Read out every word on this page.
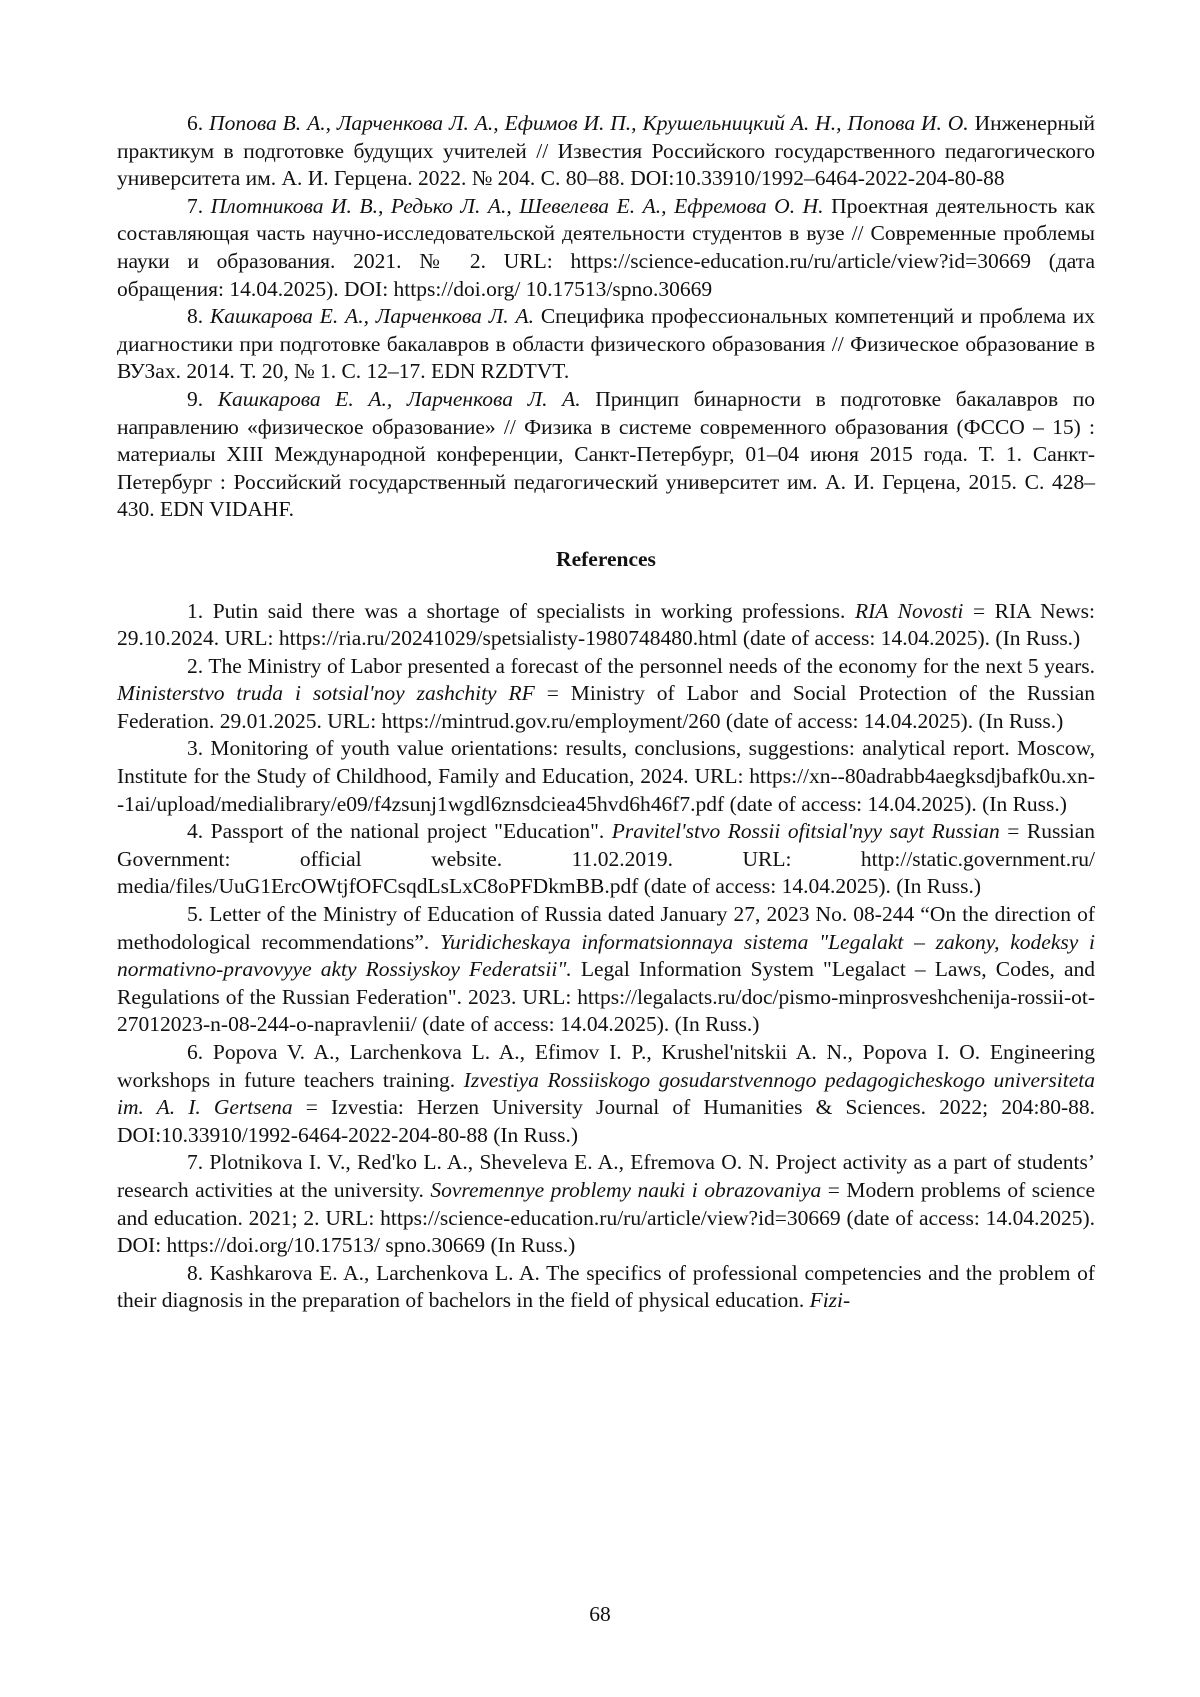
6. Попова В. А., Ларченкова Л. А., Ефимов И. П., Крушельницкий А. Н., Попова И. О. Инженерный практикум в подготовке будущих учителей // Известия Российского государственного педагогического университета им. А. И. Герцена. 2022. № 204. С. 80–88. DOI:10.33910/1992–6464-2022-204-80-88

7. Плотникова И. В., Редько Л. А., Шевелева Е. А., Ефремова О. Н. Проектная деятельность как составляющая часть научно-исследовательской деятельности студентов в вузе // Современные проблемы науки и образования. 2021. № 2. URL: https://science-education.ru/ru/article/view?id=30669 (дата обращения: 14.04.2025). DOI: https://doi.org/ 10.17513/spno.30669

8. Кашкарова Е. А., Ларченкова Л. А. Специфика профессиональных компетенций и проблема их диагностики при подготовке бакалавров в области физического образования // Физическое образование в ВУЗах. 2014. Т. 20, № 1. С. 12–17. EDN RZDTVT.

9. Кашкарова Е. А., Ларченкова Л. А. Принцип бинарности в подготовке бакалавров по направлению «физическое образование» // Физика в системе современного образования (ФССО – 15) : материалы XIII Международной конференции, Санкт-Петербург, 01–04 июня 2015 года. Т. 1. Санкт-Петербург : Российский государственный педагогический университет им. А. И. Герцена, 2015. С. 428–430. EDN VIDAHF.

References

1. Putin said there was a shortage of specialists in working professions. RIA Novosti = RIA News: 29.10.2024. URL: https://ria.ru/20241029/spetsialisty-1980748480.html (date of access: 14.04.2025). (In Russ.)

2. The Ministry of Labor presented a forecast of the personnel needs of the economy for the next 5 years. Ministerstvo truda i sotsial'noy zashchity RF = Ministry of Labor and Social Protection of the Russian Federation. 29.01.2025. URL: https://mintrud.gov.ru/employment/260 (date of access: 14.04.2025). (In Russ.)

3. Monitoring of youth value orientations: results, conclusions, suggestions: analytical report. Moscow, Institute for the Study of Childhood, Family and Education, 2024. URL: https://xn--80adrabb4aegksdjbafk0u.xn--1ai/upload/medialibrary/e09/f4zsunj1wgdl6znsdciea45hvd6h46f7.pdf (date of access: 14.04.2025). (In Russ.)

4. Passport of the national project "Education". Pravitel'stvo Rossii ofitsial'nyy sayt Russian = Russian Government: official website. 11.02.2019. URL: http://static.government.ru/ media/files/UuG1ErcOWtjfOFCsqdLsLxC8oPFDkmBB.pdf (date of access: 14.04.2025). (In Russ.)

5. Letter of the Ministry of Education of Russia dated January 27, 2023 No. 08-244 “On the direction of methodological recommendations”. Yuridicheskaya informatsionnaya sistema "Legalakt – zakony, kodeksy i normativno-pravovyye akty Rossiyskoy Federatsii". Legal Information System "Legalact – Laws, Codes, and Regulations of the Russian Federation". 2023. URL: https://legalacts.ru/doc/pismo-minprosveshchenija-rossii-ot-27012023-n-08-244-o-napravlenii/ (date of access: 14.04.2025). (In Russ.)

6. Popova V. A., Larchenkova L. A., Efimov I. P., Krushel'nitskii A. N., Popova I. O. Engineering workshops in future teachers training. Izvestiya Rossiiskogo gosudarstvennogo pedagogicheskogo universiteta im. A. I. Gertsena = Izvestia: Herzen University Journal of Humanities & Sciences. 2022; 204:80-88. DOI:10.33910/1992-6464-2022-204-80-88 (In Russ.)

7. Plotnikova I. V., Red'ko L. A., Sheveleva E. A., Efremova O. N. Project activity as a part of students’ research activities at the university. Sovremennye problemy nauki i obrazovaniya = Modern problems of science and education. 2021; 2. URL: https://science-education.ru/ru/article/view?id=30669 (date of access: 14.04.2025). DOI: https://doi.org/10.17513/ spno.30669 (In Russ.)

8. Kashkarova E. A., Larchenkova L. A. The specifics of professional competencies and the problem of their diagnosis in the preparation of bachelors in the field of physical education. Fizi-

68
